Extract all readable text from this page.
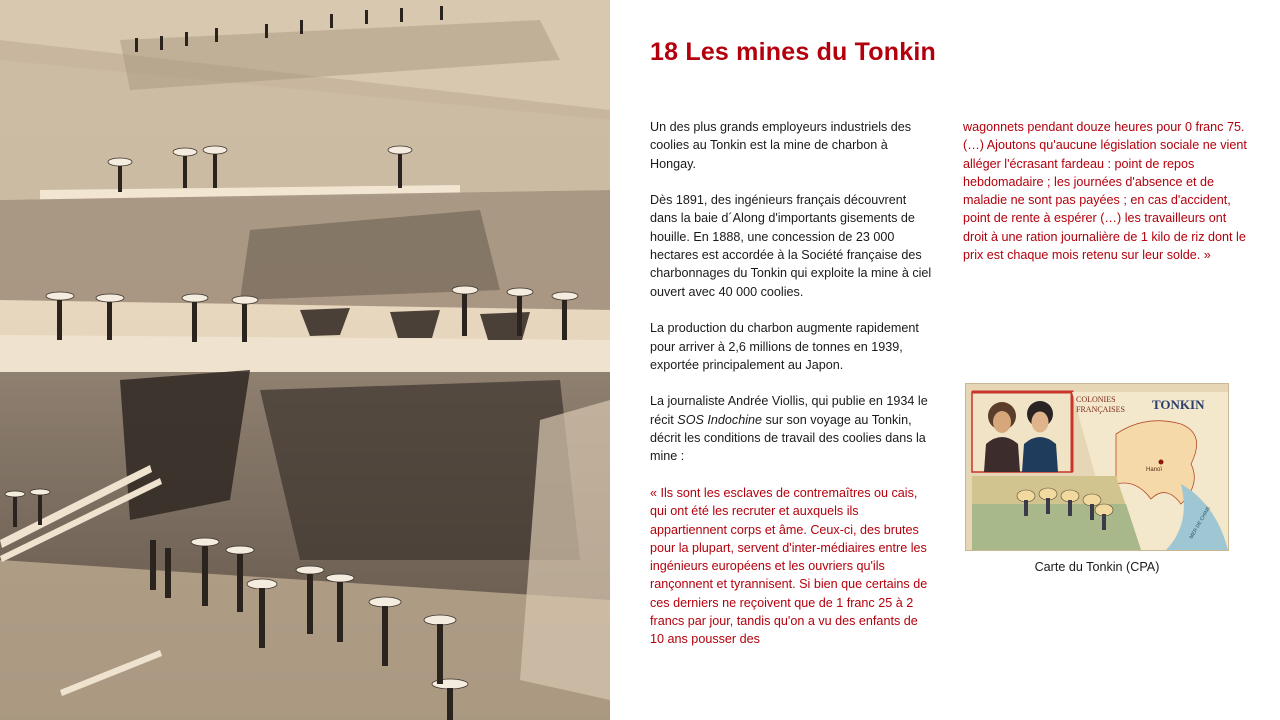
18 Les mines du Tonkin

Un des plus grands employeurs industriels des coolies au Tonkin est la mine de charbon à Hongay.

Dès 1891, des ingénieurs français découvrent dans la baie d´Along d'importants gisements de houille. En 1888, une concession de 23 000 hectares est accordée à la Société française des charbonnages du Tonkin qui exploite la mine à ciel ouvert avec 40 000 coolies.

La production du charbon augmente rapidement pour arriver à 2,6 millions de tonnes en 1939, exportée principalement au Japon.

La journaliste Andrée Viollis, qui publie en 1934 le récit SOS Indochine sur son voyage au Tonkin, décrit les conditions de travail des coolies dans la mine :

« Ils sont les esclaves de contremaîtres ou cais, qui ont été les recruter et auxquels ils appartiennent corps et âme. Ceux-ci, des brutes pour la plupart, servent d'inter-médiaires entre les ingénieurs européens et les ouvriers qu'ils rançonnent et tyrannisent. Si bien que certains de ces derniers ne reçoivent que de 1 franc 25 à 2 francs par jour, tandis qu'on a vu des enfants de 10 ans pousser des

wagonnets pendant douze heures pour 0 franc 75. (…) Ajoutons qu'aucune législation sociale ne vient alléger l'écrasant fardeau : point de repos hebdomadaire ; les journées d'absence et de maladie ne sont pas payées ; en cas d'accident, point de rente à espérer (…) les travailleurs ont droit à une ration journalière de 1 kilo de riz dont le prix est chaque mois retenu sur leur solde. »

COLONIES
FRANÇAISES TONKIN
Hanoï
MER DE CHINE
Carte du Tonkin (CPA)
